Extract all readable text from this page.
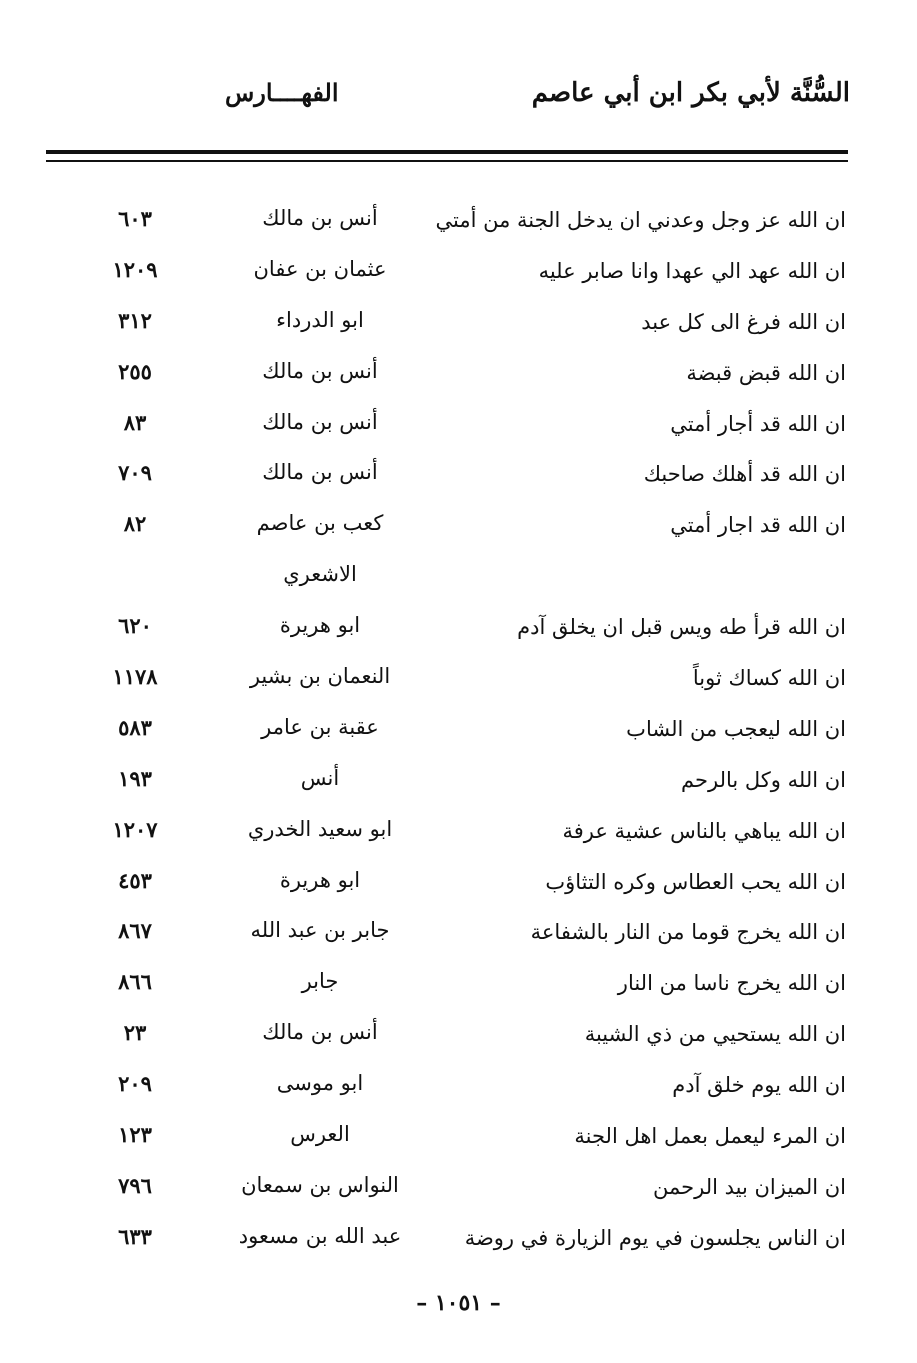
السُّنَّة لأبي بكر ابن أبي عاصم
الفهــــارس
ان الله عز وجل وعدني ان يدخل الجنة من أمتي
أنس بن مالك
٦٠٣
ان الله عهد الي عهدا وانا صابر عليه
عثمان بن عفان
١٢٠٩
ان الله فرغ الى كل عبد
ابو الدرداء
٣١٢
ان الله قبض قبضة
أنس بن مالك
٢٥٥
ان الله قد أجار أمتي
أنس بن مالك
٨٣
ان الله قد أهلك صاحبك
أنس بن مالك
٧٠٩
ان الله قد اجار أمتي
كعب بن عاصم
٨٢
الاشعري
ان الله قرأ طه ويس قبل ان يخلق آدم
ابو هريرة
٦٢٠
ان الله كساك ثوباً
النعمان بن بشير
١١٧٨
ان الله ليعجب من الشاب
عقبة بن عامر
٥٨٣
ان الله وكل بالرحم
أنس
١٩٣
ان الله يباهي بالناس عشية عرفة
ابو سعيد الخدري
١٢٠٧
ان الله يحب العطاس وكره التثاؤب
ابو هريرة
٤٥٣
ان الله يخرج قوما من النار بالشفاعة
جابر بن عبد الله
٨٦٧
ان الله يخرج ناسا من النار
جابر
٨٦٦
ان الله يستحيي من ذي الشيبة
أنس بن مالك
٢٣
ان الله يوم خلق آدم
ابو موسى
٢٠٩
ان المرء ليعمل بعمل اهل الجنة
العرس
١٢٣
ان الميزان بيد الرحمن
النواس بن سمعان
٧٩٦
ان الناس يجلسون في يوم الزيارة في روضة
عبد الله بن مسعود
٦٣٣
– ١٠٥١ –
